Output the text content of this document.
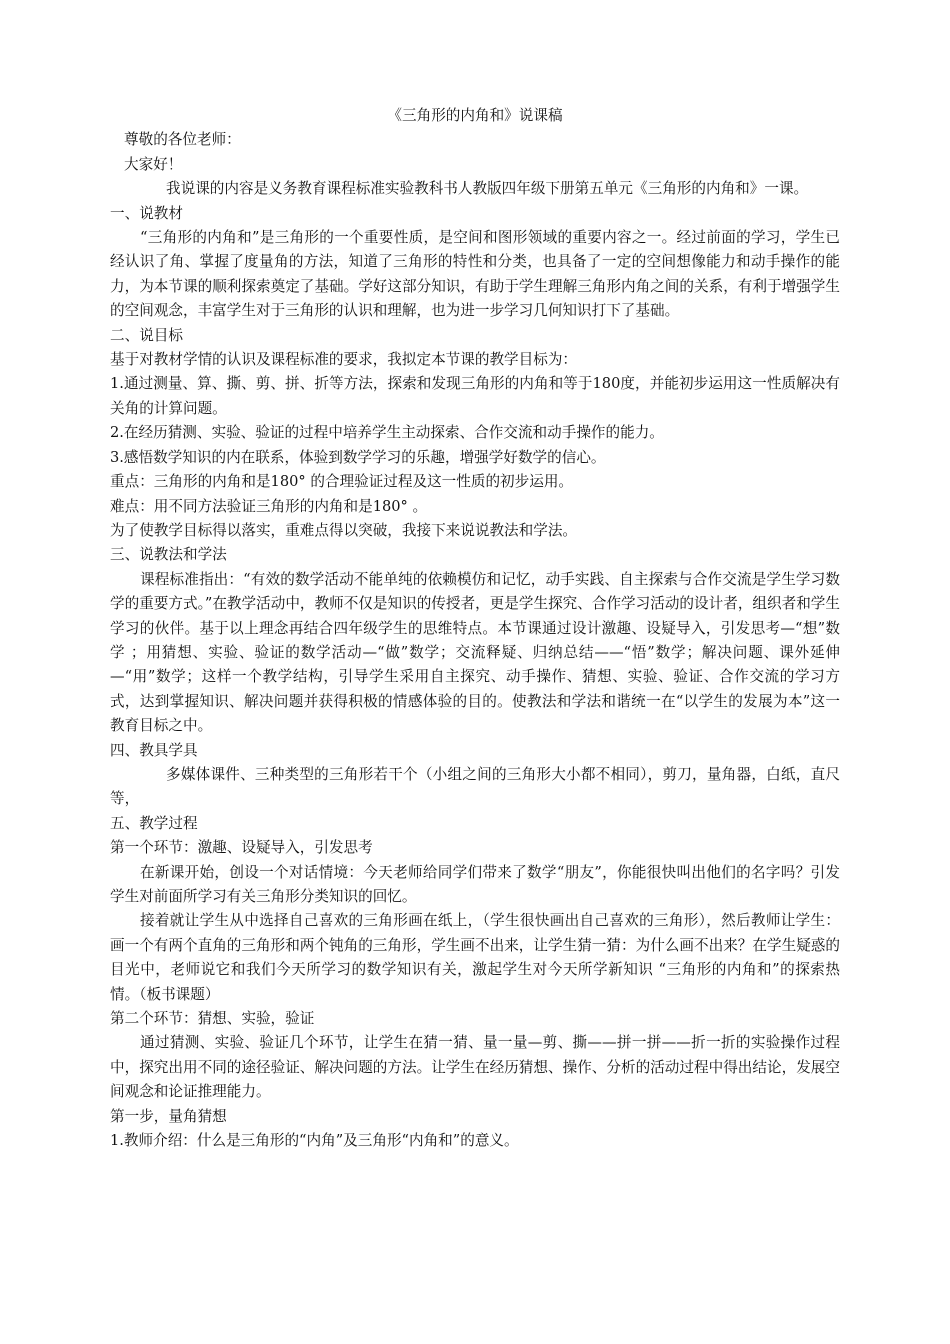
《三角形的内角和》说课稿

尊敬的各位老师：

大家好！

我说课的内容是义务教育课程标准实验教科书人教版四年级下册第五单元《三角形的内角和》一课。

一、说教材

“三角形的内角和”是三角形的一个重要性质，是空间和图形领域的重要内容之一。经过前面的学习，学生已经认识了角、掌握了度量角的方法，知道了三角形的特性和分类，也具备了一定的空间想像能力和动手操作的能力，为本节课的顺利探索奠定了基础。学好这部分知识，有助于学生理解三角形内角之间的关系，有利于增强学生的空间观念，丰富学生对于三角形的认识和理解，也为进一步学习几何知识打下了基础。

二、说目标

基于对教材学情的认识及课程标准的要求，我拟定本节课的教学目标为：

1.通过测量、算、撕、剪、拼、折等方法，探索和发现三角形的内角和等于180度，并能初步运用这一性质解决有关角的计算问题。

2.在经历猜测、实验、验证的过程中培养学生主动探索、合作交流和动手操作的能力。

3.感悟数学知识的内在联系，体验到数学学习的乐趣，增强学好数学的信心。

重点：三角形的内角和是180° 的合理验证过程及这一性质的初步运用。

难点：用不同方法验证三角形的内角和是180° 。

为了使教学目标得以落实，重难点得以突破，我接下来说说教法和学法。

三、说教法和学法

课程标准指出：“有效的数学活动不能单纯的依赖模仿和记忆，动手实践、自主探索与合作交流是学生学习数学的重要方式。”在教学活动中，教师不仅是知识的传授者，更是学生探究、合作学习活动的设计者，组织者和学生学习的伙伴。基于以上理念再结合四年级学生的思维特点。本节课通过设计激趣、设疑导入，引发思考—“想”数学 ；用猜想、实验、验证的数学活动—“做”数学；交流释疑、归纳总结——“悟”数学；解决问题、课外延伸—“用”数学；这样一个教学结构，引导学生采用自主探究、动手操作、猜想、实验、验证、合作交流的学习方式，达到掌握知识、解决问题并获得积极的情感体验的目的。使教法和学法和谐统一在“以学生的发展为本”这一教育目标之中。

四、教具学具

多媒体课件、三种类型的三角形若干个（小组之间的三角形大小都不相同），剪刀，量角器，白纸，直尺等，

五、教学过程

第一个环节：激趣、设疑导入，引发思考

在新课开始，创设一个对话情境：今天老师给同学们带来了数学“朋友”，你能很快叫出他们的名字吗？引发学生对前面所学习有关三角形分类知识的回忆。

接着就让学生从中选择自己喜欢的三角形画在纸上，（学生很快画出自己喜欢的三角形），然后教师让学生：画一个有两个直角的三角形和两个钝角的三角形，学生画不出来，让学生猜一猜：为什么画不出来？在学生疑惑的目光中，老师说它和我们今天所学习的数学知识有关，激起学生对今天所学新知识 “三角形的内角和”的探索热情。（板书课题）

第二个环节：猜想、实验，验证

通过猜测、实验、验证几个环节，让学生在猜一猜、量一量—剪、撕——拼一拼——折一折的实验操作过程中，探究出用不同的途径验证、解决问题的方法。让学生在经历猜想、操作、分析的活动过程中得出结论，发展空间观念和论证推理能力。

第一步，量角猜想

1.教师介绍：什么是三角形的“内角”及三角形“内角和”的意义。
